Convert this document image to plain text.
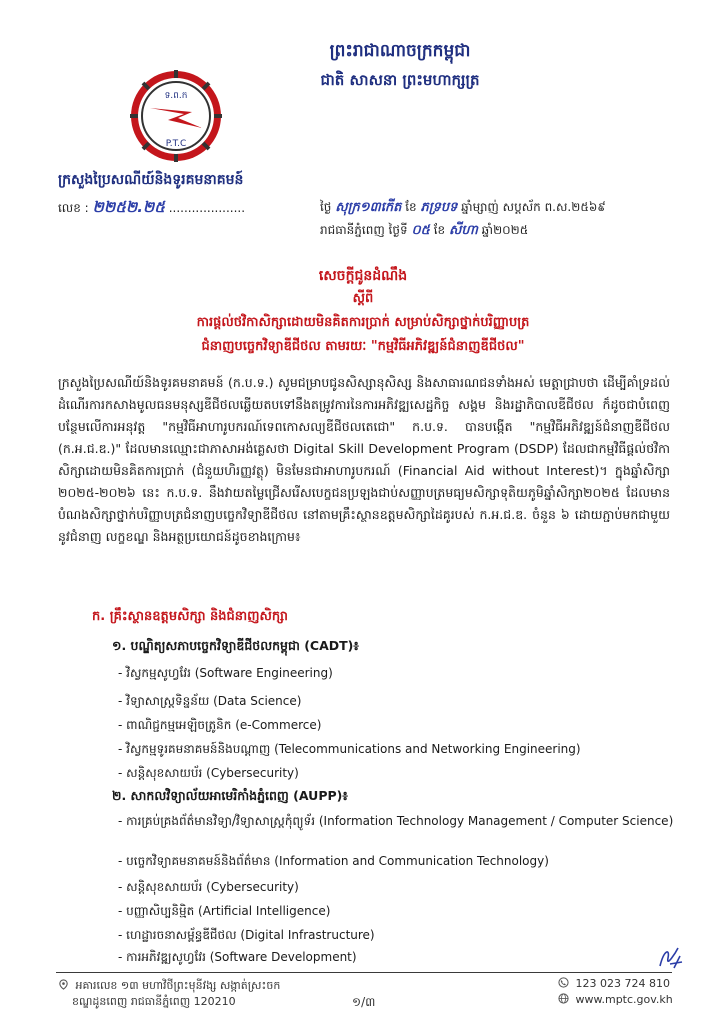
ព្រះរាជាណាចក្រកម្ពុជា
ជាតិ សាសនា ព្រះមហាក្សត្រ
ទ.ព.ក
P.T.C
ក្រសួងប្រៃសណីយ៍និងទូរគមនាគមន៍
លេខ : ២២៥២.២៥ ....................	ថ្ងៃ សុក្រ១៣កើត ខែ ភទ្របទ ឆ្នាំម្សាញ់ សប្តស័ក ព.ស.២៥៦៩
រាជធានីភ្នំពេញ ថ្ងៃទី ០៥ ខែ សីហា ឆ្នាំ២០២៥
សេចក្តីជូនដំណឹង
ស្តីពី
ការផ្តល់ថវិកាសិក្សាដោយមិនគិតការប្រាក់ សម្រាប់សិក្សាថ្នាក់បរិញ្ញាបត្រ
ជំនាញបច្ចេកវិទ្យាឌីជីថល តាមរយៈ "កម្មវិធីអភិវឌ្ឍន៍ជំនាញឌីជីថល"
ក្រសួងប្រៃសណីយ៍និងទូរគមនាគមន៍ (ក.ប.ទ.) សូមជម្រាបជូនសិស្សានុសិស្ស និងសាធារណជនទាំងអស់ មេត្តាជ្រាបថា ដើម្បីគាំទ្រដល់ដំណើរការកសាងមូលធនមនុស្សឌីជីថលឆ្លើយតបទៅនឹងតម្រូវការនៃការអភិវឌ្ឍសេដ្ឋកិច្ច សង្គម និងរដ្ឋាភិបាលឌីជីថល ក៏ដូចជាបំពេញបន្ថែមលើការអនុវត្ត "កម្មវិធីអាហារូបករណ៍ទេពកោសល្យឌីជីថលតេជោ" ក.ប.ទ. បានបង្កើត "កម្មវិធីអភិវឌ្ឍន៍ជំនាញឌីជីថល (ក.អ.ជ.ឌ.)" ដែលមានឈ្មោះជាភាសាអង់គ្លេសថា Digital Skill Development Program (DSDP) ដែលជាកម្មវិធីផ្តល់ថវិកាសិក្សាដោយមិនគិតការប្រាក់ (ជំនួយហិរញ្ញវត្ថុ) មិនមែនជាអាហារូបករណ៍ (Financial Aid without Interest)។ ក្នុងឆ្នាំសិក្សា ២០២៥-២០២៦ នេះ ក.ប.ទ. នឹងវាយតម្លៃជ្រើសរើសបេក្ខជនប្រឡងជាប់សញ្ញាបត្រមធ្យមសិក្សាទុតិយភូមិឆ្នាំសិក្សា២០២៥ ដែលមានបំណងសិក្សាថ្នាក់បរិញ្ញាបត្រជំនាញបច្ចេកវិទ្យាឌីជីថល នៅតាមគ្រឹះស្ថានឧត្តមសិក្សាដៃគូរបស់ ក.អ.ជ.ឌ. ចំនួន ៦ ដោយភ្ជាប់មកជាមួយនូវជំនាញ លក្ខខណ្ឌ និងអត្ថប្រយោជន៍ដូចខាងក្រោម៖
ក. គ្រឹះស្ថានឧត្តមសិក្សា និងជំនាញសិក្សា
១. បណ្ឌិត្យសភាបច្ចេកវិទ្យាឌីជីថលកម្ពុជា (CADT)៖
- វិស្វកម្មសូហ្វវែរ (Software Engineering)
- វិទ្យាសាស្ត្រទិន្នន័យ (Data Science)
- ពាណិជ្ជកម្មអេឡិចត្រូនិក (e-Commerce)
- វិស្វកម្មទូរគមនាគមន៍និងបណ្តាញ (Telecommunications and Networking Engineering)
- សន្តិសុខសាយប័រ (Cybersecurity)
២. សាកលវិទ្យាល័យអាមេរិកាំងភ្នំពេញ (AUPP)៖
- ការគ្រប់គ្រងព័ត៌មានវិទ្យា/វិទ្យាសាស្ត្រកុំព្យូទ័រ (Information Technology Management / Computer Science)
- បច្ចេកវិទ្យាគមនាគមន៍និងព័ត៌មាន (Information and Communication Technology)
- សន្តិសុខសាយប័រ (Cybersecurity)
- បញ្ញាសិប្បនិម្មិត (Artificial Intelligence)
- ហេដ្ឋារចនាសម្ព័ន្ធឌីជីថល (Digital Infrastructure)
- ការអភិវឌ្ឍសូហ្វវែរ (Software Development)
អគារលេខ ១៣ មហាវិថីព្រះមុនីវង្ស សង្កាត់ស្រះចក
ខណ្ឌដូនពេញ រាជធានីភ្នំពេញ 120210	១/៣
123 023 724 810
www.mptc.gov.kh
